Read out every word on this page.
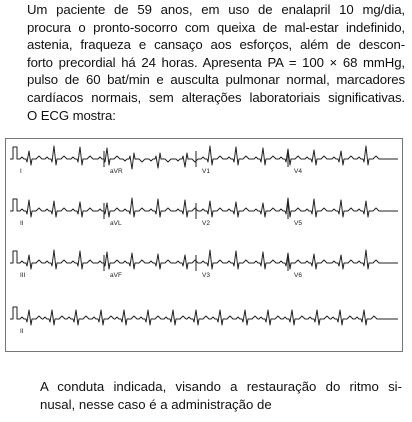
Um paciente de 59 anos, em uso de enalapril 10 mg/dia,
procura o pronto-socorro com queixa de mal-estar indefinido,
astenia, fraqueza e cansaço aos esforços, além de descon-
forto precordial há 24 horas. Apresenta PA = 100 × 68 mmHg,
pulso de 60 bat/min e ausculta pulmonar normal, marcadores
cardíacos normais, sem alterações laboratoriais significativas.
O ECG mostra:
I	aVR	V1	V4
II	aVL	V2	V5
III	aVF	V3	V6
II
A conduta indicada, visando a restauração do ritmo si-
nusal, nesse caso é a administração de
